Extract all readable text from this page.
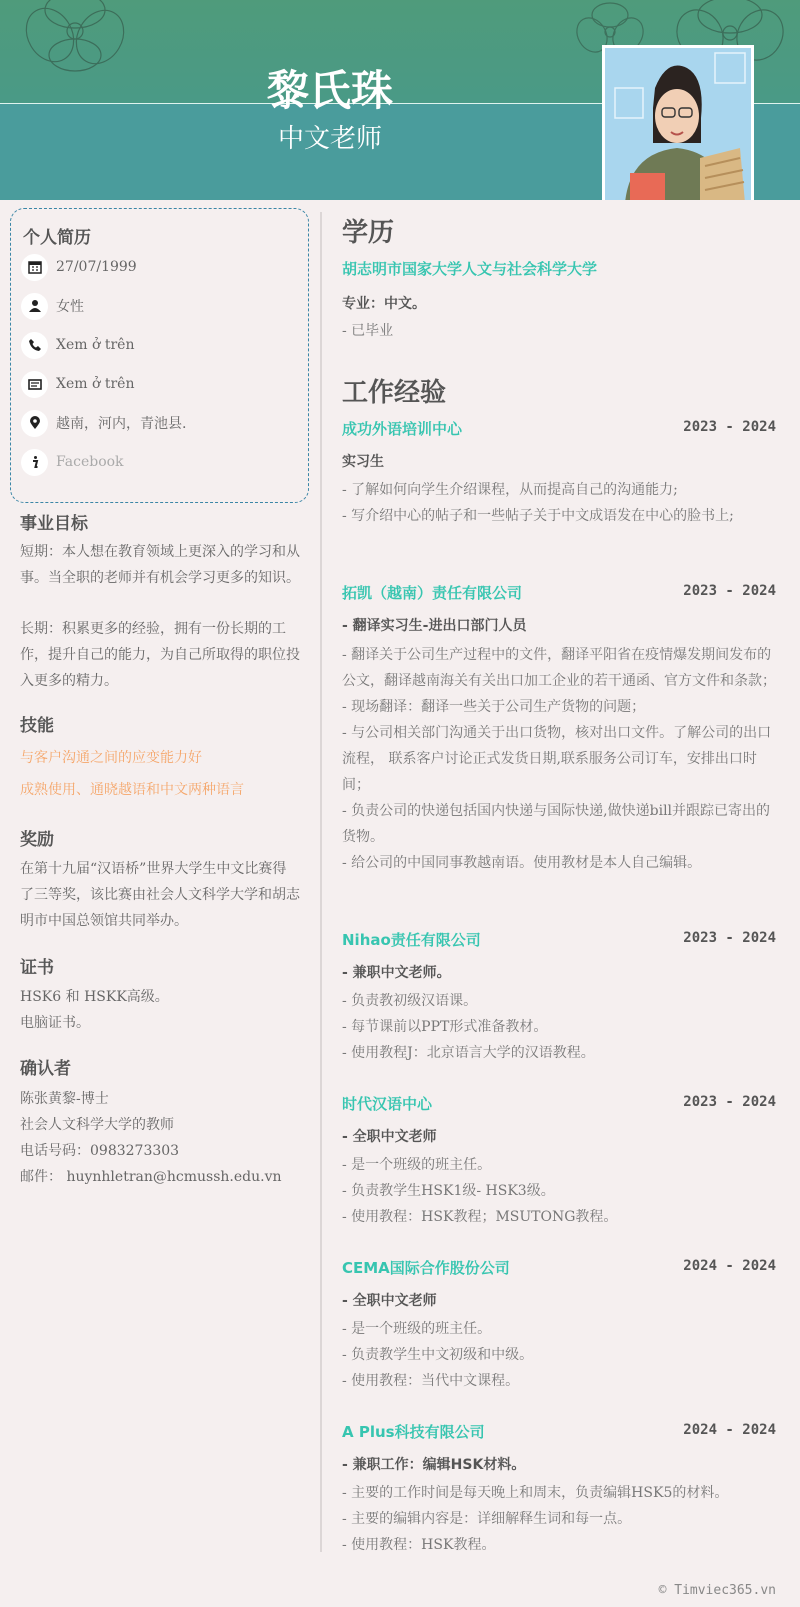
黎氏珠
中文老师
个人简历
27/07/1999
女性
Xem ở trên
Xem ở trên
越南，河内，青池县.
Facebook
事业目标
短期：本人想在教育领域上更深入的学习和从事。当全职的老师并有机会学习更多的知识。
长期：积累更多的经验，拥有一份长期的工作，提升自己的能力，为自己所取得的职位投入更多的精力。
技能
与客户沟通之间的应变能力好
成熟使用、通晓越语和中文两种语言
奖励
在第十九届“汉语桥”世界大学生中文比赛得了三等奖，该比赛由社会人文科学大学和胡志明市中国总领馆共同举办。
证书
HSK6 和 HSKK高级。
电脑证书。
确认者
陈张黄黎-博士
社会人文科学大学的教师
电话号码：0983273303
邮件： huynhletran@hcmussh.edu.vn
学历
胡志明市国家大学人文与社会科学大学
专业：中文。
- 已毕业
工作经验
成功外语培训中心	2023 - 2024
实习生
- 了解如何向学生介绍课程，从而提高自己的沟通能力;
- 写介绍中心的帖子和一些帖子关于中文成语发在中心的脸书上;
拓凯（越南）责任有限公司	2023 - 2024
- 翻译实习生-进出口部门人员
- 翻译关于公司生产过程中的文件，翻译平阳省在疫情爆发期间发布的公文，翻译越南海关有关出口加工企业的若干通函、官方文件和条款；
- 现场翻译：翻译一些关于公司生产货物的问题；
- 与公司相关部门沟通关于出口货物，核对出口文件。了解公司的出口流程， 联系客户讨论正式发货日期,联系服务公司订车，安排出口时间；
- 负责公司的快递包括国内快递与国际快递,做快递bill并跟踪已寄出的货物。
- 给公司的中国同事教越南语。使用教材是本人自己编辑。
Nihao责任有限公司	2023 - 2024
- 兼职中文老师。
- 负责教初级汉语课。
- 每节课前以PPT形式准备教材。
- 使用教程J：北京语言大学的汉语教程。
时代汉语中心	2023 - 2024
- 全职中文老师
- 是一个班级的班主任。
- 负责教学生HSK1级- HSK3级。
- 使用教程：HSK教程；MSUTONG教程。
CEMA国际合作股份公司	2024 - 2024
- 全职中文老师
- 是一个班级的班主任。
- 负责教学生中文初级和中级。
- 使用教程：当代中文课程。
A Plus科技有限公司	2024 - 2024
- 兼职工作：编辑HSK材料。
- 主要的工作时间是每天晚上和周末，负责编辑HSK5的材料。
- 主要的编辑内容是：详细解释生词和每一点。
- 使用教程：HSK教程。
© Timviec365.vn
